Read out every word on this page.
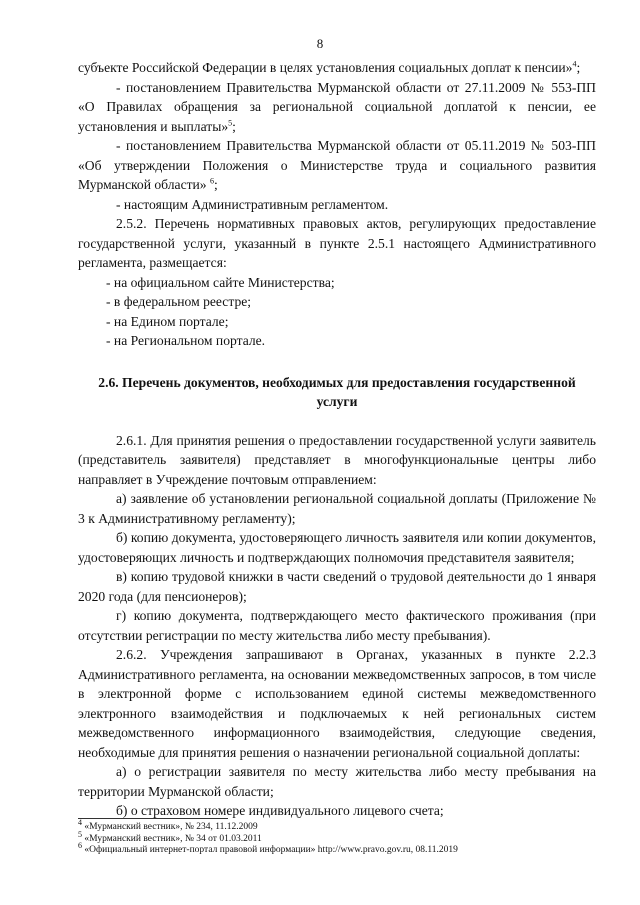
8

субъекте Российской Федерации в целях установления социальных доплат к пенсии»$^4$;

- постановлением Правительства Мурманской области от 27.11.2009 № 553-ПП «О Правилах обращения за региональной социальной доплатой к пенсии, ее установления и выплаты»$^5$;

- постановлением Правительства Мурманской области от 05.11.2019 № 503-ПП «Об утверждении Положения о Министерстве труда и социального развития Мурманской области» $^6$;

- настоящим Административным регламентом.

2.5.2. Перечень нормативных правовых актов, регулирующих предоставление государственной услуги, указанный в пункте 2.5.1 настоящего Административного регламента, размещается:

- на официальном сайте Министерства;

- в федеральном реестре;

- на Едином портале;

- на Региональном портале.

2.6. Перечень документов, необходимых для предоставления государственной услуги

2.6.1. Для принятия решения о предоставлении государственной услуги заявитель (представитель заявителя) представляет в многофункциональные центры либо направляет в Учреждение почтовым отправлением:

а) заявление об установлении региональной социальной доплаты (Приложение № 3 к Административному регламенту);

б) копию документа, удостоверяющего личность заявителя или копии документов, удостоверяющих личность и подтверждающих полномочия представителя заявителя;

в) копию трудовой книжки в части сведений о трудовой деятельности до 1 января 2020 года (для пенсионеров);

г) копию документа, подтверждающего место фактического проживания (при отсутствии регистрации по месту жительства либо месту пребывания).

2.6.2. Учреждения запрашивают в Органах, указанных в пункте 2.2.3 Административного регламента, на основании межведомственных запросов, в том числе в электронной форме с использованием единой системы межведомственного электронного взаимодействия и подключаемых к ней региональных систем межведомственного информационного взаимодействия, следующие сведения, необходимые для принятия решения о назначении региональной социальной доплаты:

а) о регистрации заявителя по месту жительства либо месту пребывания на территории Мурманской области;

б) о страховом номере индивидуального лицевого счета;

$^4$ «Мурманский вестник», № 234, 11.12.2009
$^5$ «Мурманский вестник», № 34 от 01.03.2011
$^6$ «Официальный интернет-портал правовой информации» http://www.pravo.gov.ru, 08.11.2019
